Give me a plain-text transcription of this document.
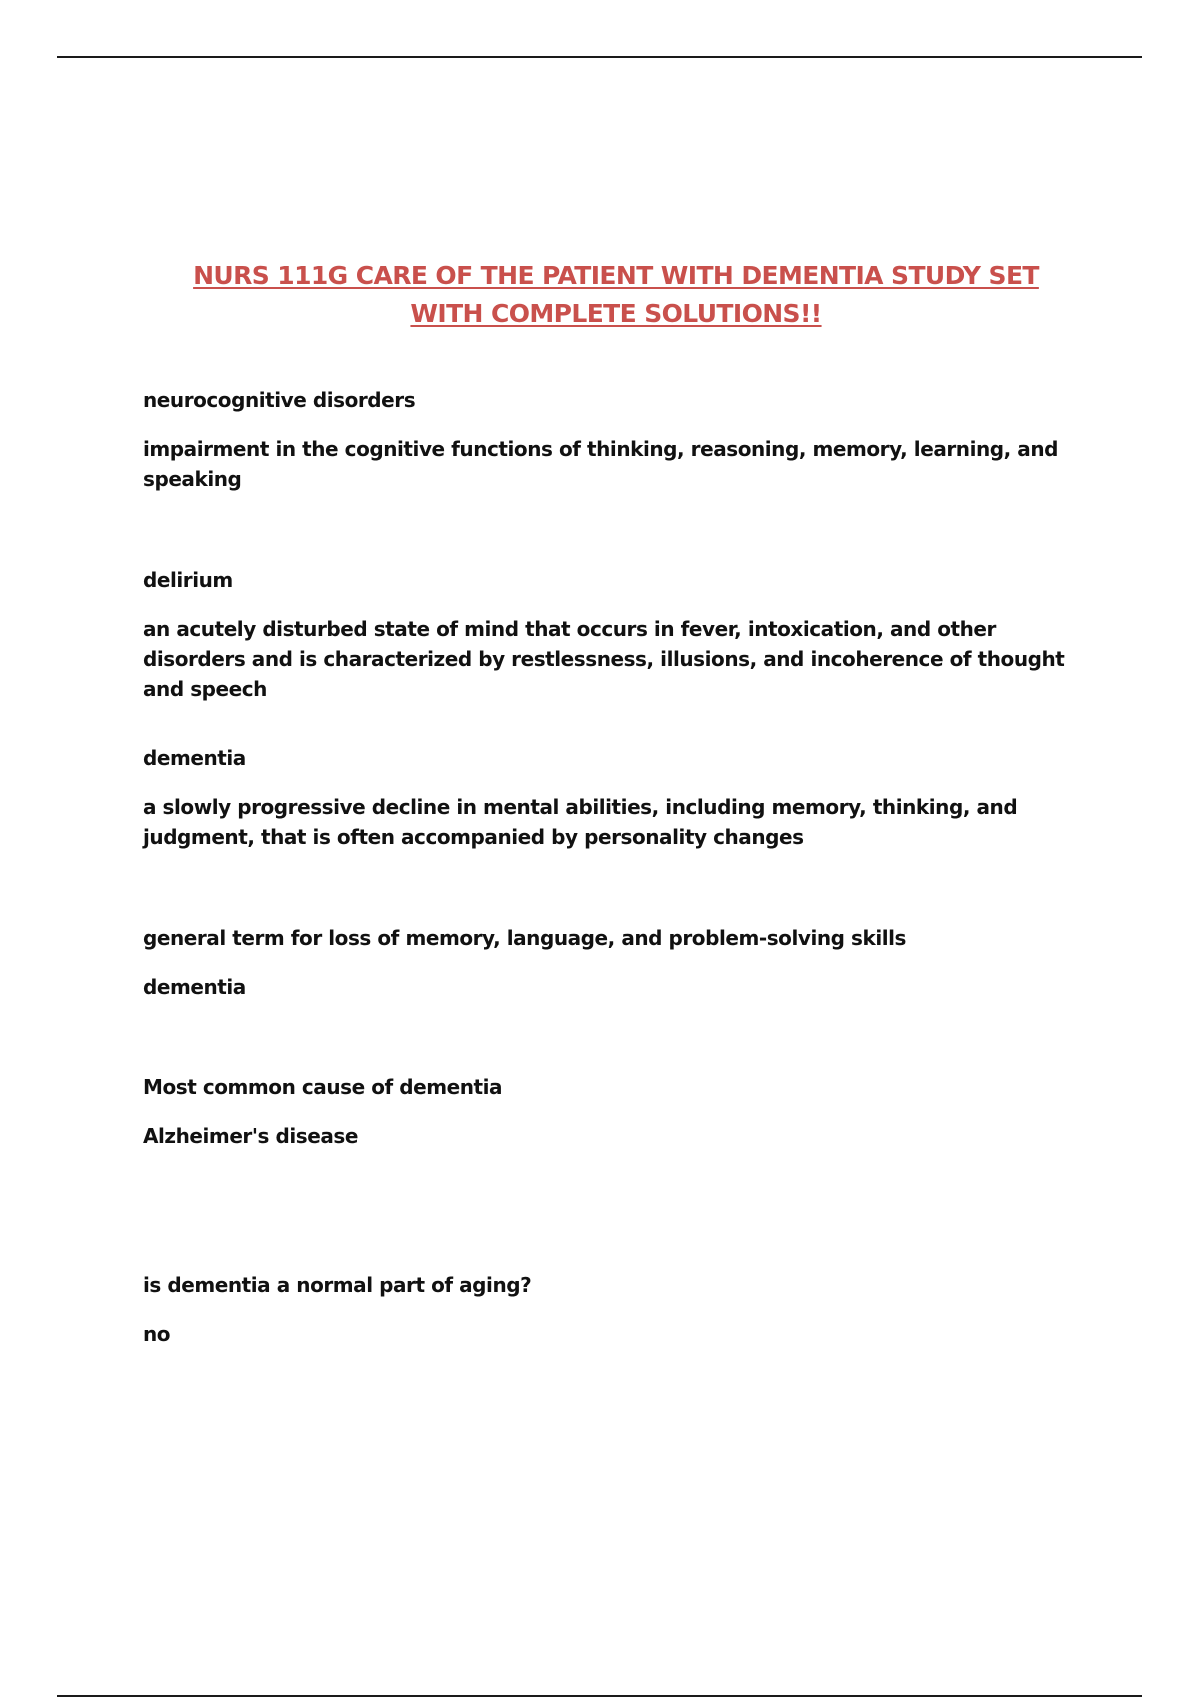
NURS 111G CARE OF THE PATIENT WITH DEMENTIA STUDY SET
WITH COMPLETE SOLUTIONS!!

neurocognitive disorders

impairment in the cognitive functions of thinking, reasoning, memory, learning, and speaking

delirium

an acutely disturbed state of mind that occurs in fever, intoxication, and other disorders and is characterized by restlessness, illusions, and incoherence of thought and speech

dementia

a slowly progressive decline in mental abilities, including memory, thinking, and judgment, that is often accompanied by personality changes

general term for loss of memory, language, and problem-solving skills

dementia

Most common cause of dementia

Alzheimer's disease

is dementia a normal part of aging?

no
